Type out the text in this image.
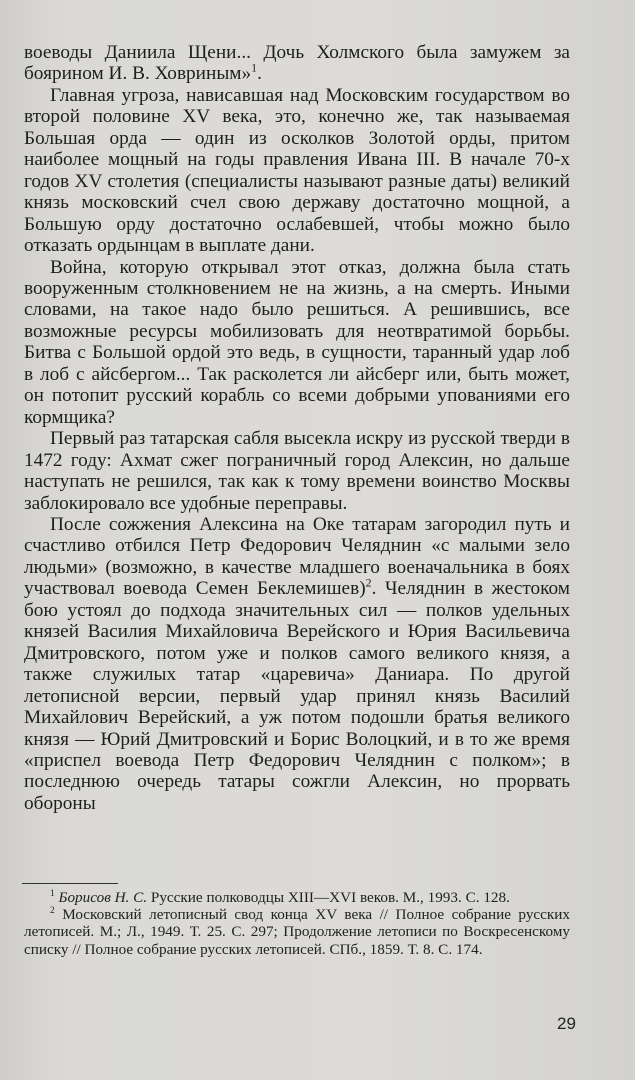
воеводы Даниила Щени... Дочь Холмского была замужем за боярином И. В. Ховриным»$^1$.

Главная угроза, нависавшая над Московским государством во второй половине XV века, это, конечно же, так называемая Большая орда — один из осколков Золотой орды, притом наиболее мощный на годы правления Ивана III. В начале 70-х годов XV столетия (специалисты называют разные даты) великий князь московский счел свою державу достаточно мощной, а Большую орду достаточно ослабевшей, чтобы можно было отказать ордынцам в выплате дани.

Война, которую открывал этот отказ, должна была стать вооруженным столкновением не на жизнь, а на смерть. Иными словами, на такое надо было решиться. А решившись, все возможные ресурсы мобилизовать для неотвратимой борьбы. Битва с Большой ордой это ведь, в сущности, таранный удар лоб в лоб с айсбергом... Так расколется ли айсберг или, быть может, он потопит русский корабль со всеми добрыми упованиями его кормщика?

Первый раз татарская сабля высекла искру из русской тверди в 1472 году: Ахмат сжег пограничный город Алексин, но дальше наступать не решился, так как к тому времени воинство Москвы заблокировало все удобные переправы.

После сожжения Алексина на Оке татарам загородил путь и счастливо отбился Петр Федорович Челяднин «с малыми зело людьми» (возможно, в качестве младшего военачальника в боях участвовал воевода Семен Беклемишев)$^2$. Челяднин в жестоком бою устоял до подхода значительных сил — полков удельных князей Василия Михайловича Верейского и Юрия Васильевича Дмитровского, потом уже и полков самого великого князя, а также служилых татар «царевича» Даниара. По другой летописной версии, первый удар принял князь Василий Михайлович Верейский, а уж потом подошли братья великого князя — Юрий Дмитровский и Борис Волоцкий, и в то же время «приспел воевода Петр Федорович Челяднин с полком»; в последнюю очередь татары сожгли Алексин, но прорвать обороны

$^1$ Борисов Н. С. Русские полководцы XIII—XVI веков. М., 1993. С. 128.

$^2$ Московский летописный свод конца XV века // Полное собрание русских летописей. М.; Л., 1949. Т. 25. С. 297; Продолжение летописи по Воскресенскому списку // Полное собрание русских летописей. СПб., 1859. Т. 8. С. 174.

29
